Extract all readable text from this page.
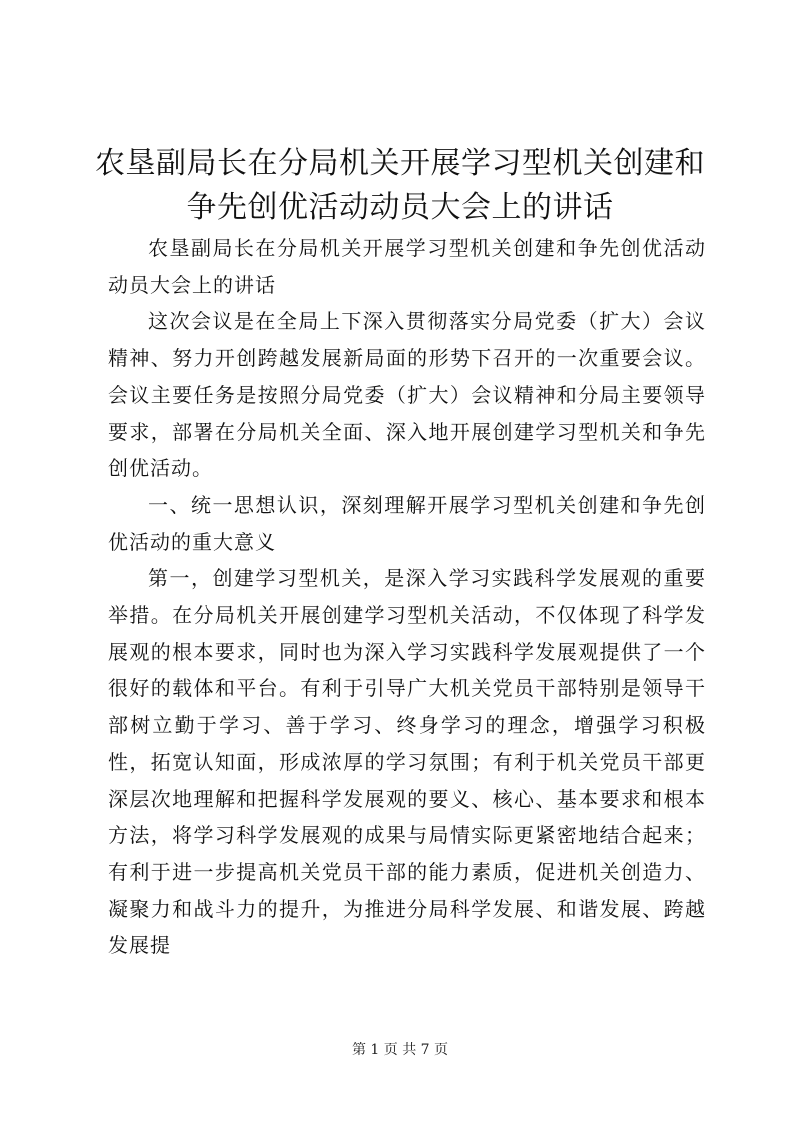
农垦副局长在分局机关开展学习型机关创建和
争先创优活动动员大会上的讲话

农垦副局长在分局机关开展学习型机关创建和争先创优活动动员大会上的讲话

这次会议是在全局上下深入贯彻落实分局党委（扩大）会议精神、努力开创跨越发展新局面的形势下召开的一次重要会议。会议主要任务是按照分局党委（扩大）会议精神和分局主要领导要求，部署在分局机关全面、深入地开展创建学习型机关和争先创优活动。

一、统一思想认识，深刻理解开展学习型机关创建和争先创优活动的重大意义

第一，创建学习型机关，是深入学习实践科学发展观的重要举措。在分局机关开展创建学习型机关活动，不仅体现了科学发展观的根本要求，同时也为深入学习实践科学发展观提供了一个很好的载体和平台。有利于引导广大机关党员干部特别是领导干部树立勤于学习、善于学习、终身学习的理念，增强学习积极性，拓宽认知面，形成浓厚的学习氛围；有利于机关党员干部更深层次地理解和把握科学发展观的要义、核心、基本要求和根本方法，将学习科学发展观的成果与局情实际更紧密地结合起来；有利于进一步提高机关党员干部的能力素质，促进机关创造力、凝聚力和战斗力的提升，为推进分局科学发展、和谐发展、跨越发展提

第 1 页 共 7 页
